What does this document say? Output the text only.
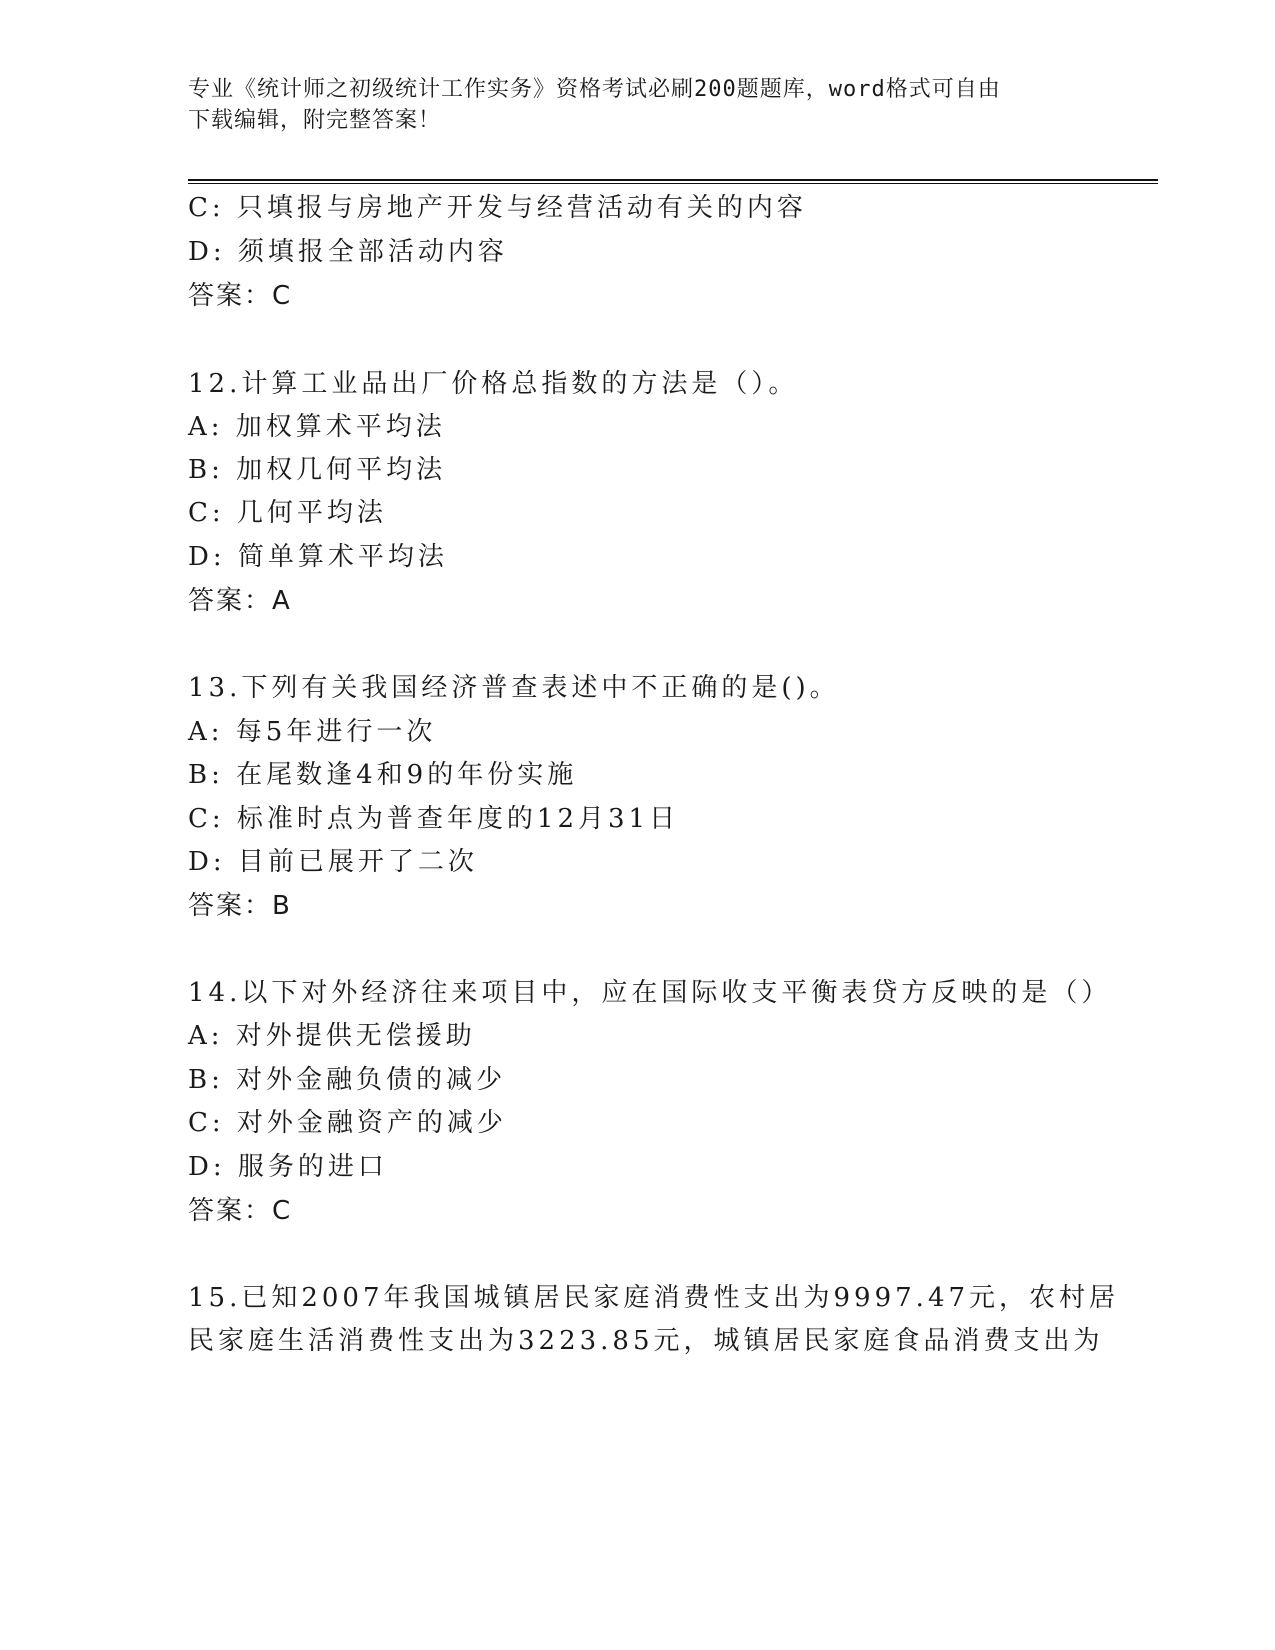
专业《统计师之初级统计工作实务》资格考试必刷200题题库，word格式可自由
下载编辑，附完整答案！
C: 只填报与房地产开发与经营活动有关的内容
D: 须填报全部活动内容
答案：C
12.计算工业品出厂价格总指数的方法是（）。
A: 加权算术平均法
B: 加权几何平均法
C: 几何平均法
D: 简单算术平均法
答案：A
13.下列有关我国经济普查表述中不正确的是()。
A: 每5年进行一次
B: 在尾数逢4和9的年份实施
C: 标准时点为普查年度的12月31日
D: 目前已展开了二次
答案：B
14.以下对外经济往来项目中，应在国际收支平衡表贷方反映的是（）
A: 对外提供无偿援助
B: 对外金融负债的减少
C: 对外金融资产的减少
D: 服务的进口
答案：C
15.已知2007年我国城镇居民家庭消费性支出为9997.47元，农村居
民家庭生活消费性支出为3223.85元，城镇居民家庭食品消费支出为
